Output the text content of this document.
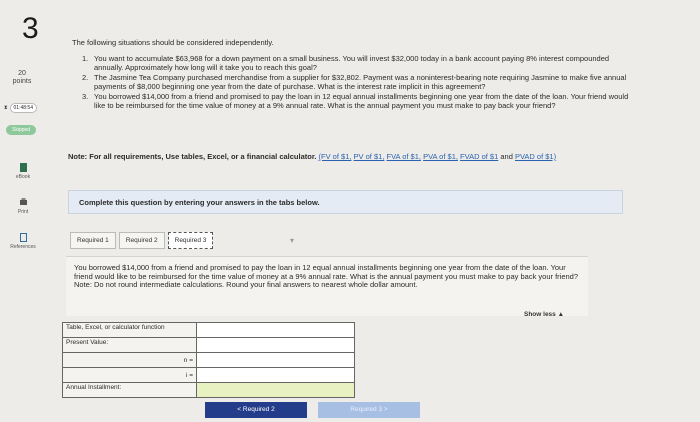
3
20
points
⧗	01:48:54
Skipped
eBook
Print
References
The following situations should be considered independently.
1. You want to accumulate $63,968 for a down payment on a small business. You will invest $32,000 today in a bank account paying 8% interest compounded annually. Approximately how long will it take you to reach this goal?
2. The Jasmine Tea Company purchased merchandise from a supplier for $32,802. Payment was a noninterest-bearing note requiring Jasmine to make five annual payments of $8,000 beginning one year from the date of purchase. What is the interest rate implicit in this agreement?
3. You borrowed $14,000 from a friend and promised to pay the loan in 12 equal annual installments beginning one year from the date of the loan. Your friend would like to be reimbursed for the time value of money at a 9% annual rate. What is the annual payment you must make to pay back your friend?
Note: For all requirements, Use tables, Excel, or a financial calculator. (FV of $1, PV of $1, FVA of $1, PVA of $1, FVAD of $1 and PVAD of $1)
Complete this question by entering your answers in the tabs below.
Required 1	Required 2	Required 3	▾
You borrowed $14,000 from a friend and promised to pay the loan in 12 equal annual installments beginning one year from the date of the loan. Your friend would like to be reimbursed for the time value of money at a 9% annual rate. What is the annual payment you must make to pay back your friend?
Note: Do not round intermediate calculations. Round your final answers to nearest whole dollar amount.
Show less ▲
Table, Excel, or calculator function	
Present Value:	
n =	
i =	
Annual Installment:	
< Required 2	Required 3 >
